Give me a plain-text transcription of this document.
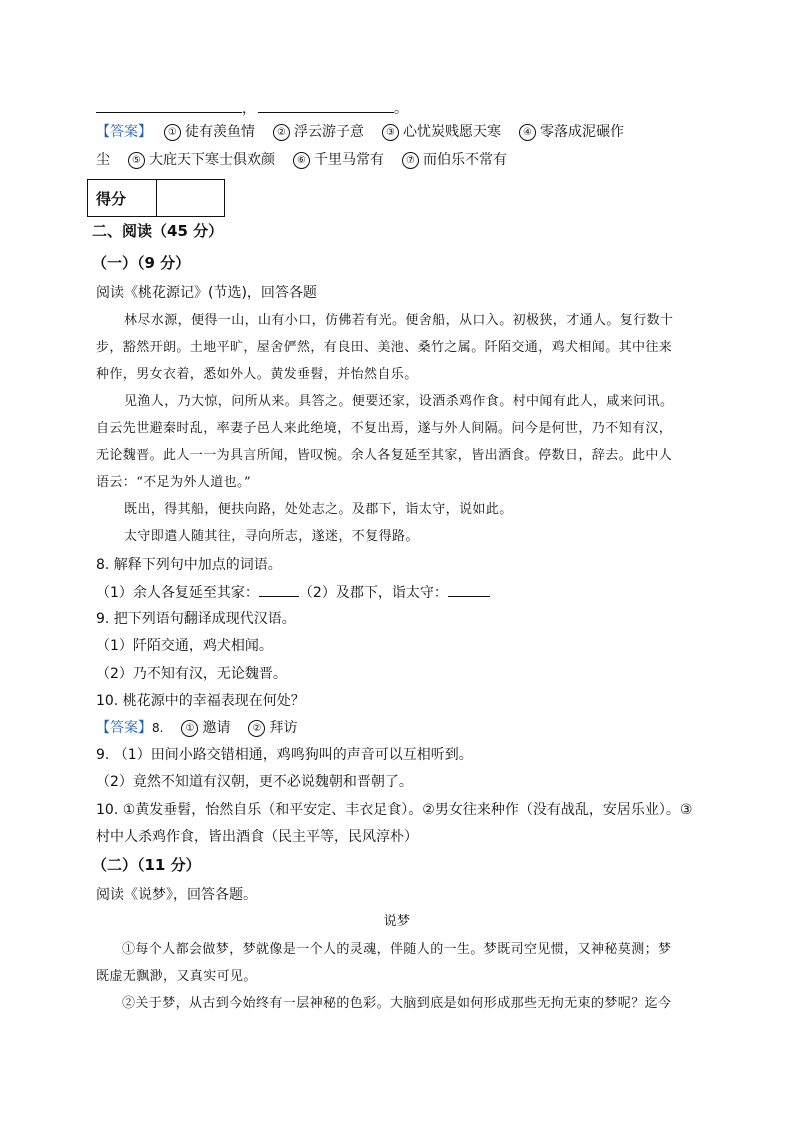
，	。
【答案】 ① 徒有羡鱼情 ② 浮云游子意 ③ 心忧炭贱愿天寒 ④ 零落成泥碾作
尘 ⑤ 大庇天下寒士俱欢颜 ⑥ 千里马常有 ⑦ 而伯乐不常有
得分
二、阅读（45 分）
（一）（9 分）
阅读《桃花源记》(节选)，回答各题
林尽水源，便得一山，山有小口，仿佛若有光。便舍船，从口入。初极狭，才通人。复行数十
步，豁然开朗。土地平旷，屋舍俨然，有良田、美池、桑竹之属。阡陌交通，鸡犬相闻。其中往来
种作，男女衣着，悉如外人。黄发垂髫，并怡然自乐。
见渔人，乃大惊，问所从来。具答之。便要还家，设酒杀鸡作食。村中闻有此人，咸来问讯。
自云先世避秦时乱，率妻子邑人来此绝境，不复出焉，遂与外人间隔。问今是何世，乃不知有汉，
无论魏晋。此人一一为具言所闻，皆叹惋。余人各复延至其家，皆出酒食。停数日，辞去。此中人
语云：“不足为外人道也。”
既出，得其船，便扶向路，处处志之。及郡下，诣太守，说如此。
太守即遣人随其往，寻向所志，遂迷，不复得路。
8. 解释下列句中加点的词语。
（1）余人各复延至其家：	（2）及郡下，诣太守：
9. 把下列语句翻译成现代汉语。
（1）阡陌交通，鸡犬相闻。
（2）乃不知有汉，无论魏晋。
10. 桃花源中的幸福表现在何处？
【答案】8. ① 邀请 ② 拜访
9. （1）田间小路交错相通，鸡鸣狗叫的声音可以互相听到。
（2）竟然不知道有汉朝，更不必说魏朝和晋朝了。
10. ①黄发垂髫，怡然自乐（和平安定、丰衣足食）。②男女往来种作（没有战乱，安居乐业）。③
村中人杀鸡作食，皆出酒食（民主平等，民风淳朴）
（二）（11 分）
阅读《说梦》，回答各题。
说梦
①每个人都会做梦，梦就像是一个人的灵魂，伴随人的一生。梦既司空见惯，又神秘莫测；梦
既虚无飘渺，又真实可见。
②关于梦，从古到今始终有一层神秘的色彩。大脑到底是如何形成那些无拘无束的梦呢？迄今
